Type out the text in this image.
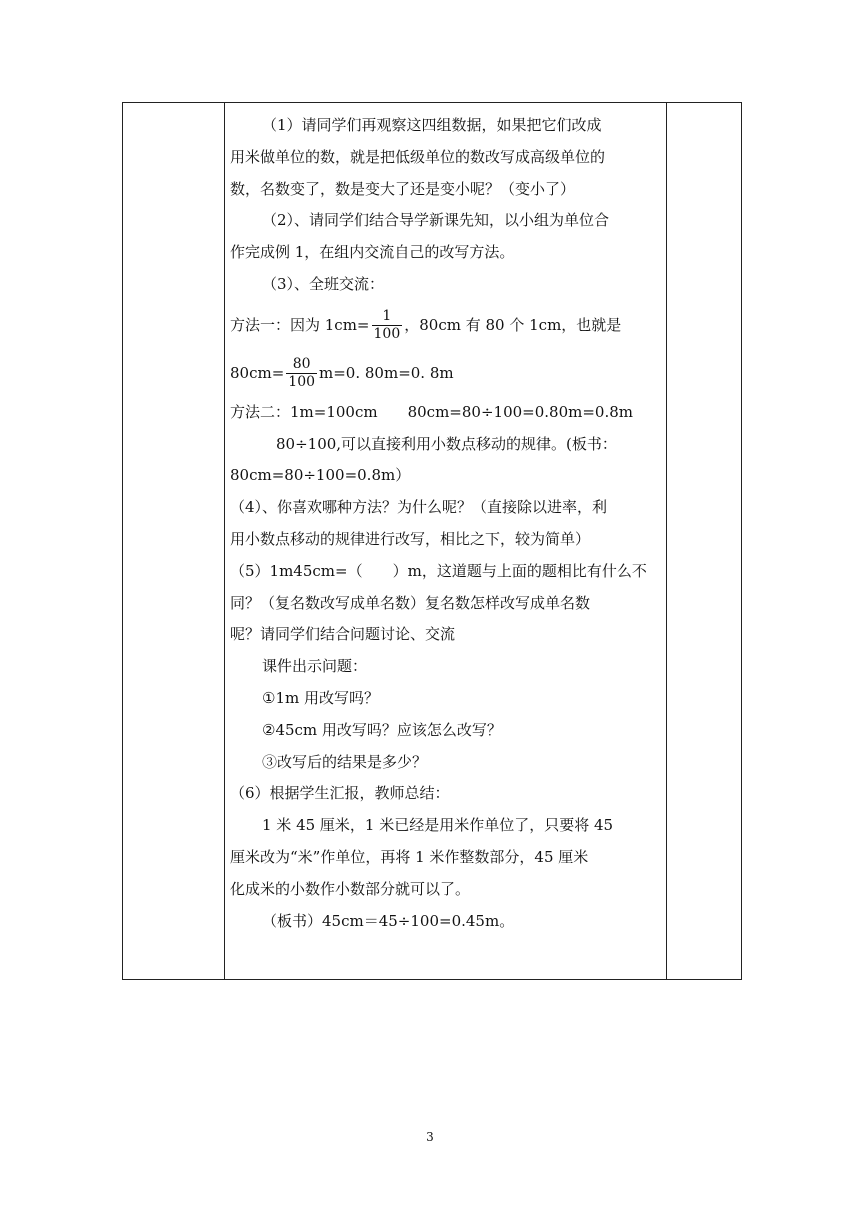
（1）请同学们再观察这四组数据，如果把它们改成
用米做单位的数，就是把低级单位的数改写成高级单位的
数，名数变了，数是变大了还是变小呢？（变小了）
（2）、请同学们结合导学新课先知，以小组为单位合
作完成例 1，在组内交流自己的改写方法。
（3）、全班交流：
方法一：因为 $1cm= \frac{1}{100}$ ，80cm 有 80 个 1cm，也就是
$80cm= \frac{80}{100} m=0$. 80m=0. 8m
方法二：1m=100cm　　80cm=80÷100=0.80m=0.8m
80÷100,可以直接利用小数点移动的规律。(板书：
80cm=80÷100=0.8m）
（4）、你喜欢哪种方法？为什么呢？（直接除以进率，利
用小数点移动的规律进行改写，相比之下，较为简单）
（5）1m45cm=（　　）m，这道题与上面的题相比有什么不
同？（复名数改写成单名数）复名数怎样改写成单名数
呢？请同学们结合问题讨论、交流
课件出示问题：
①1m 用改写吗？
②45cm 用改写吗？应该怎么改写？
③改写后的结果是多少？
（6）根据学生汇报，教师总结：
1 米 45 厘米，1 米已经是用米作单位了，只要将 45
厘米改为“米”作单位，再将 1 米作整数部分，45 厘米
化成米的小数作小数部分就可以了。
（板书）45cm＝45÷100=0.45m。
3
